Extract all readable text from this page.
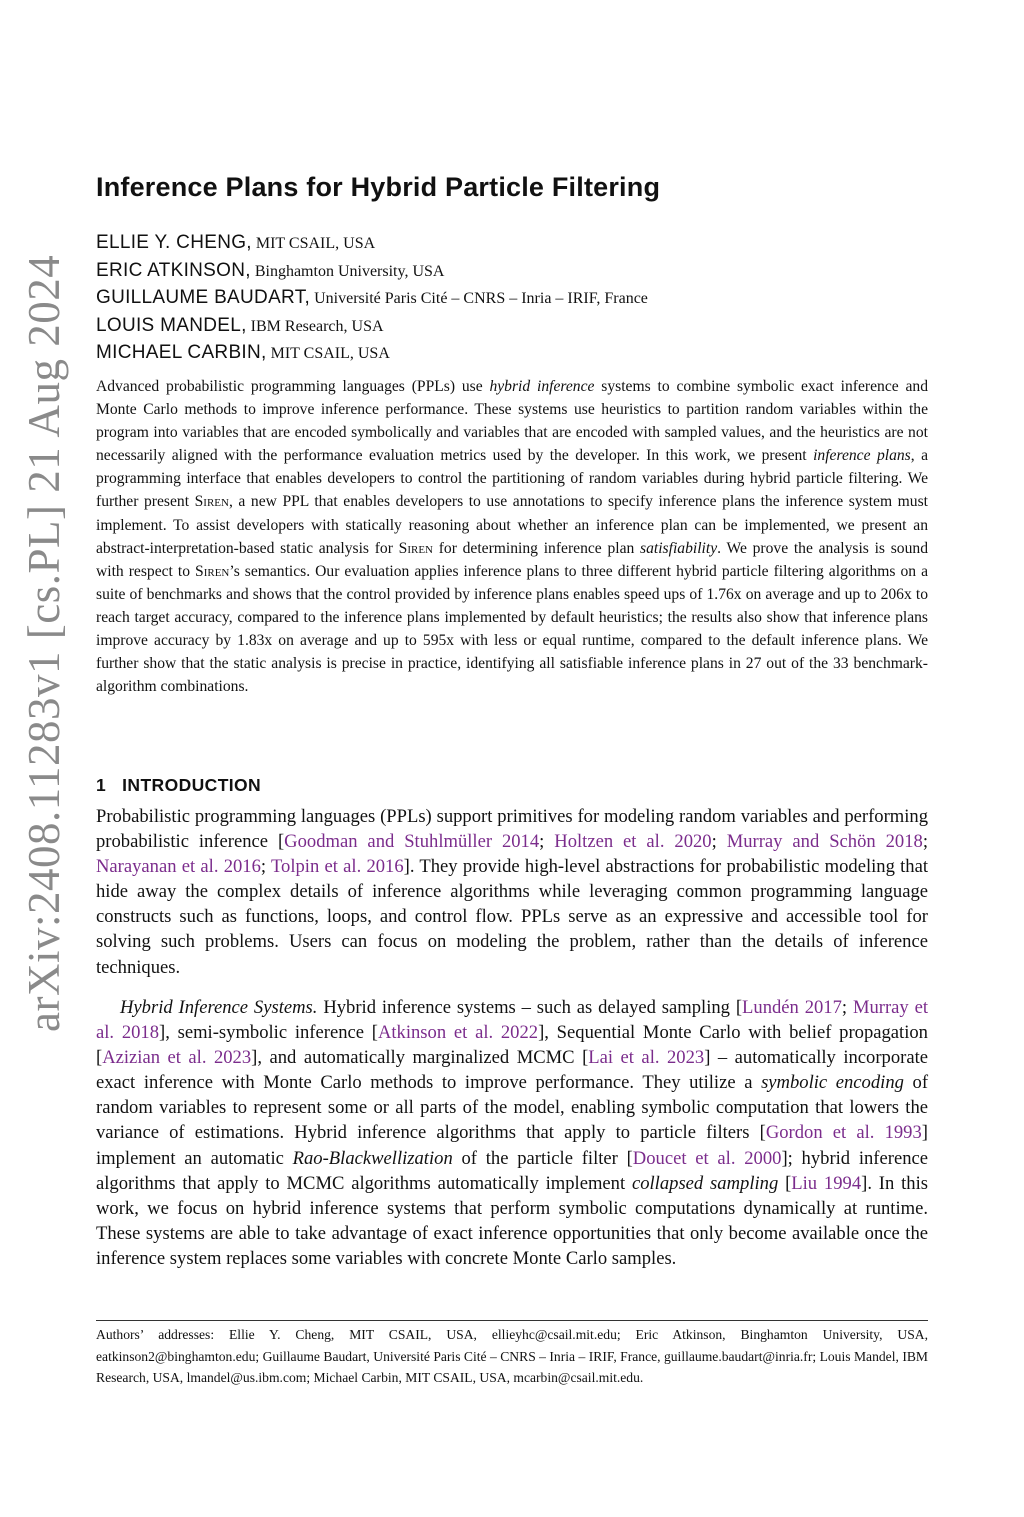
arXiv:2408.11283v1 [cs.PL] 21 Aug 2024
Inference Plans for Hybrid Particle Filtering
ELLIE Y. CHENG, MIT CSAIL, USA
ERIC ATKINSON, Binghamton University, USA
GUILLAUME BAUDART, Université Paris Cité – CNRS – Inria – IRIF, France
LOUIS MANDEL, IBM Research, USA
MICHAEL CARBIN, MIT CSAIL, USA

Advanced probabilistic programming languages (PPLs) use hybrid inference systems to combine symbolic exact inference and Monte Carlo methods to improve inference performance. These systems use heuristics to partition random variables within the program into variables that are encoded symbolically and variables that are encoded with sampled values, and the heuristics are not necessarily aligned with the performance evaluation metrics used by the developer. In this work, we present inference plans, a programming interface that enables developers to control the partitioning of random variables during hybrid particle filtering. We further present Siren, a new PPL that enables developers to use annotations to specify inference plans the inference system must implement. To assist developers with statically reasoning about whether an inference plan can be implemented, we present an abstract-interpretation-based static analysis for Siren for determining inference plan satisfiability. We prove the analysis is sound with respect to Siren’s semantics. Our evaluation applies inference plans to three different hybrid particle filtering algorithms on a suite of benchmarks and shows that the control provided by inference plans enables speed ups of 1.76x on average and up to 206x to reach target accuracy, compared to the inference plans implemented by default heuristics; the results also show that inference plans improve accuracy by 1.83x on average and up to 595x with less or equal runtime, compared to the default inference plans. We further show that the static analysis is precise in practice, identifying all satisfiable inference plans in 27 out of the 33 benchmark-algorithm combinations.

1 INTRODUCTION

Probabilistic programming languages (PPLs) support primitives for modeling random variables and performing probabilistic inference [Goodman and Stuhlmüller 2014; Holtzen et al. 2020; Murray and Schön 2018; Narayanan et al. 2016; Tolpin et al. 2016]. They provide high-level abstractions for probabilistic modeling that hide away the complex details of inference algorithms while leveraging common programming language constructs such as functions, loops, and control flow. PPLs serve as an expressive and accessible tool for solving such problems. Users can focus on modeling the problem, rather than the details of inference techniques.

Hybrid Inference Systems. Hybrid inference systems – such as delayed sampling [Lundén 2017; Murray et al. 2018], semi-symbolic inference [Atkinson et al. 2022], Sequential Monte Carlo with belief propagation [Azizian et al. 2023], and automatically marginalized MCMC [Lai et al. 2023] – automatically incorporate exact inference with Monte Carlo methods to improve performance. They utilize a symbolic encoding of random variables to represent some or all parts of the model, enabling symbolic computation that lowers the variance of estimations. Hybrid inference algorithms that apply to particle filters [Gordon et al. 1993] implement an automatic Rao-Blackwellization of the particle filter [Doucet et al. 2000]; hybrid inference algorithms that apply to MCMC algorithms automatically implement collapsed sampling [Liu 1994]. In this work, we focus on hybrid inference systems that perform symbolic computations dynamically at runtime. These systems are able to take advantage of exact inference opportunities that only become available once the inference system replaces some variables with concrete Monte Carlo samples.

Authors’ addresses: Ellie Y. Cheng, MIT CSAIL, USA, ellieyhc@csail.mit.edu; Eric Atkinson, Binghamton University, USA, eatkinson2@binghamton.edu; Guillaume Baudart, Université Paris Cité – CNRS – Inria – IRIF, France, guillaume.baudart@inria.fr; Louis Mandel, IBM Research, USA, lmandel@us.ibm.com; Michael Carbin, MIT CSAIL, USA, mcarbin@csail.mit.edu.
